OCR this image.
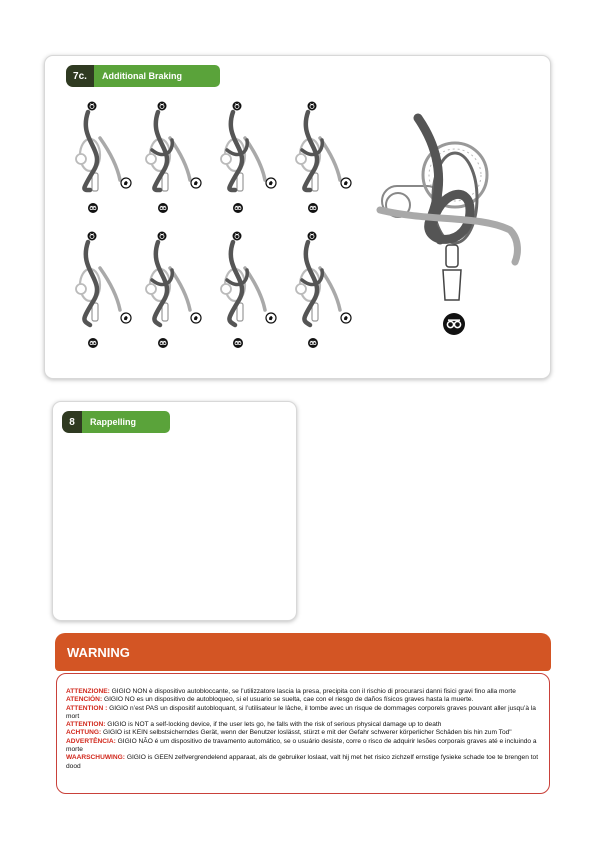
7c.	Additional Braking
8	Rappelling
WARNING
ATTENZIONE: GIGIO NON è dispositivo autobloccante, se l’utilizzatore lascia la presa, precipita con il rischio di procurarsi danni fisici gravi fino alla morte
ATENCIÓN: GIGIO NO es un dispositivo de autobloqueo, si el usuario se suelta, cae con el riesgo de daños físicos graves hasta la muerte.
ATTENTION : GIGIO n’est PAS un dispositif autobloquant, si l’utilisateur le lâche, il tombe avec un risque de dommages corporels graves pouvant aller jusqu’à la mort
ATTENTION: GIGIO is NOT a self-locking device, if the user lets go, he falls with the risk of serious physical damage up to death
ACHTUNG: GIGIO ist KEIN selbstsicherndes Gerät, wenn der Benutzer loslässt, stürzt e mit der Gefahr schwerer körperlicher Schäden bis hin zum Tod"
ADVERTÊNCIA: GIGIO NÃO é um dispositivo de travamento automático, se o usuário desiste, corre o risco de adquirir lesões corporais graves até e incluindo a morte
WAARSCHUWING: GIGIO is GEEN zelfvergrendelend apparaat, als de gebruiker loslaat, valt hij met het risico zichzelf ernstige fysieke schade toe te brengen tot dood
